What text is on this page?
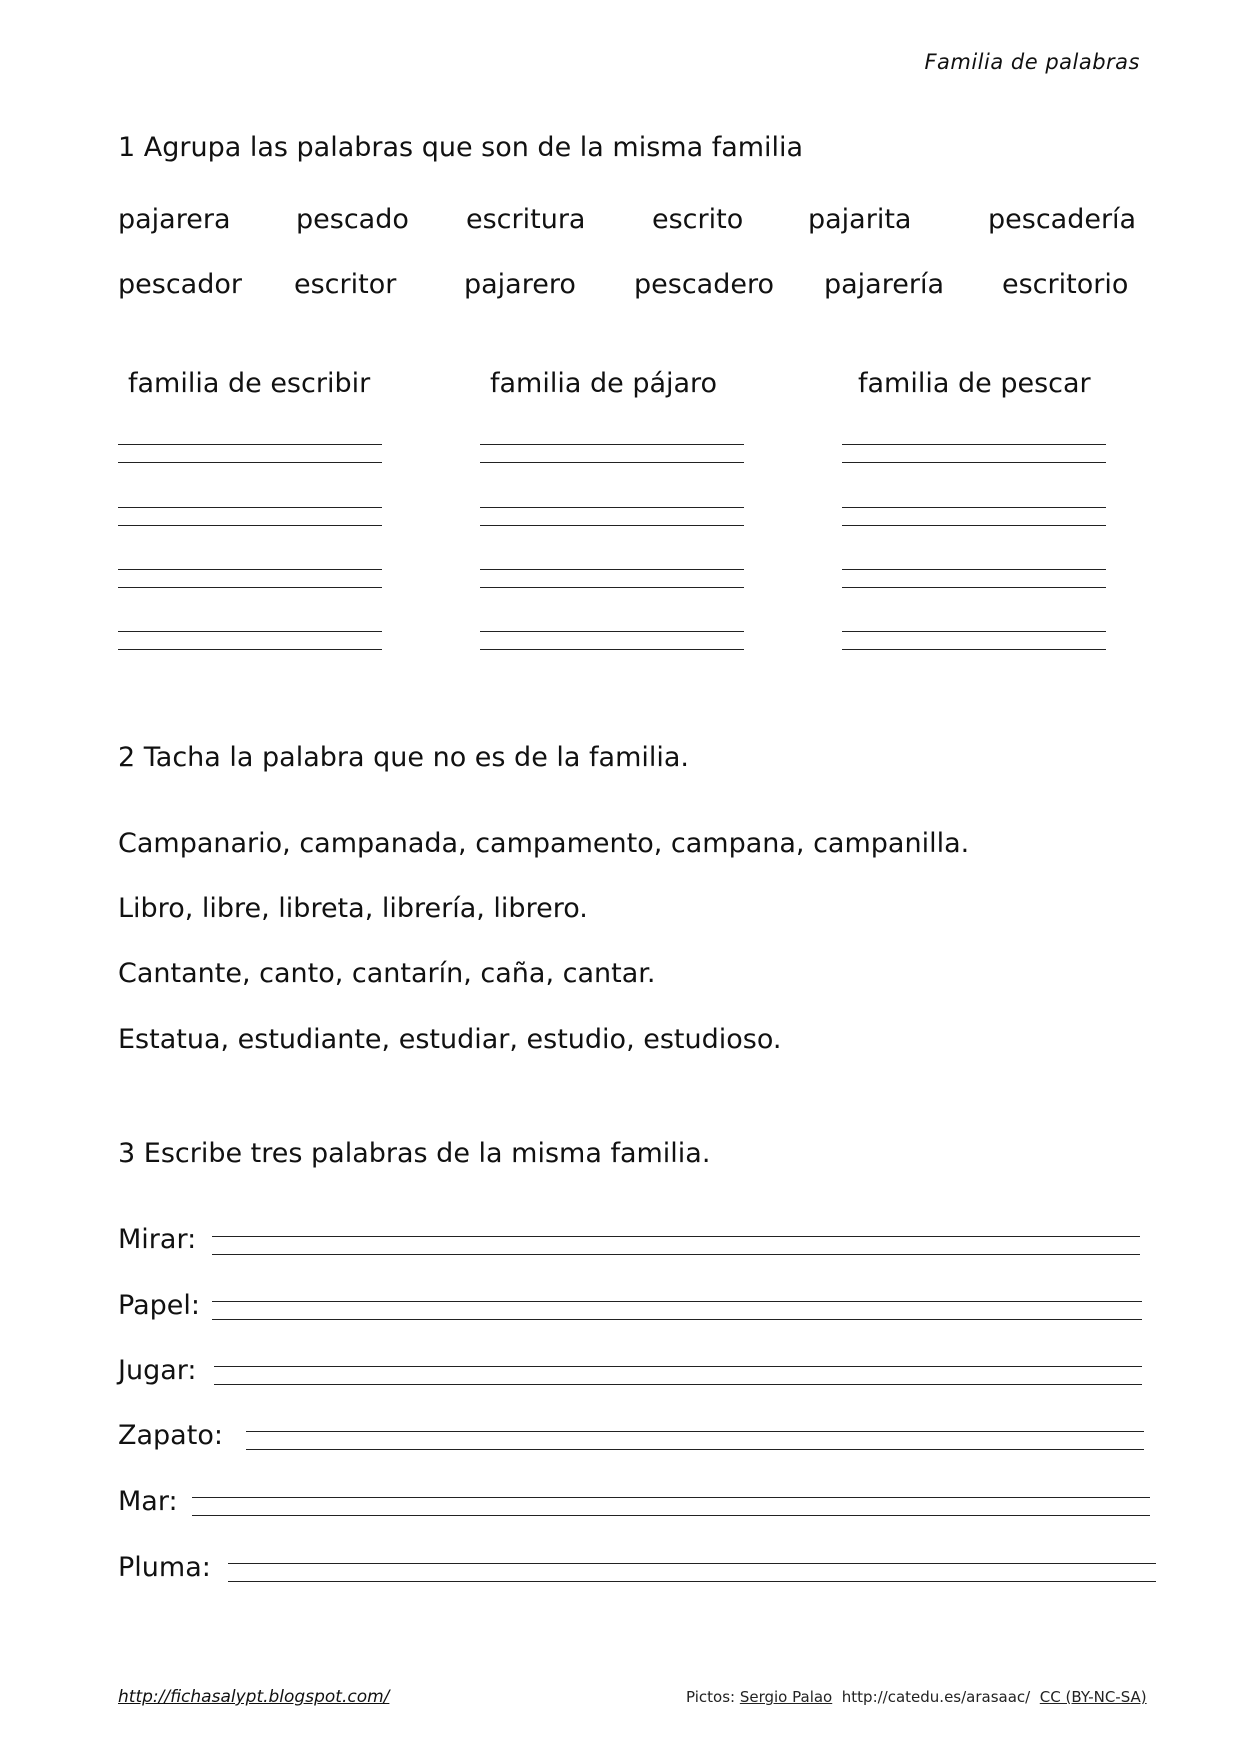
Familia de palabras
1 Agrupa las palabras que son de la misma familia
pajarera pescado escritura escrito pajarita	pescadería
pescador escritor	pajarero pescadero pajarería escritorio
familia de escribir	familia de pájaro	familia de pescar
2 Tacha la palabra que no es de la familia.
Campanario, campanada, campamento, campana, campanilla.
Libro, libre, libreta, librería, librero.
Cantante, canto, cantarín, caña, cantar.
Estatua, estudiante, estudiar, estudio, estudioso.
3 Escribe tres palabras de la misma familia.
Mirar:
Papel:
Jugar:
Zapato:
Mar:
Pluma:
http://fichasalypt.blogspot.com/	Pictos: Sergio Palao http://catedu.es/arasaac/ CC (BY-NC-SA)
